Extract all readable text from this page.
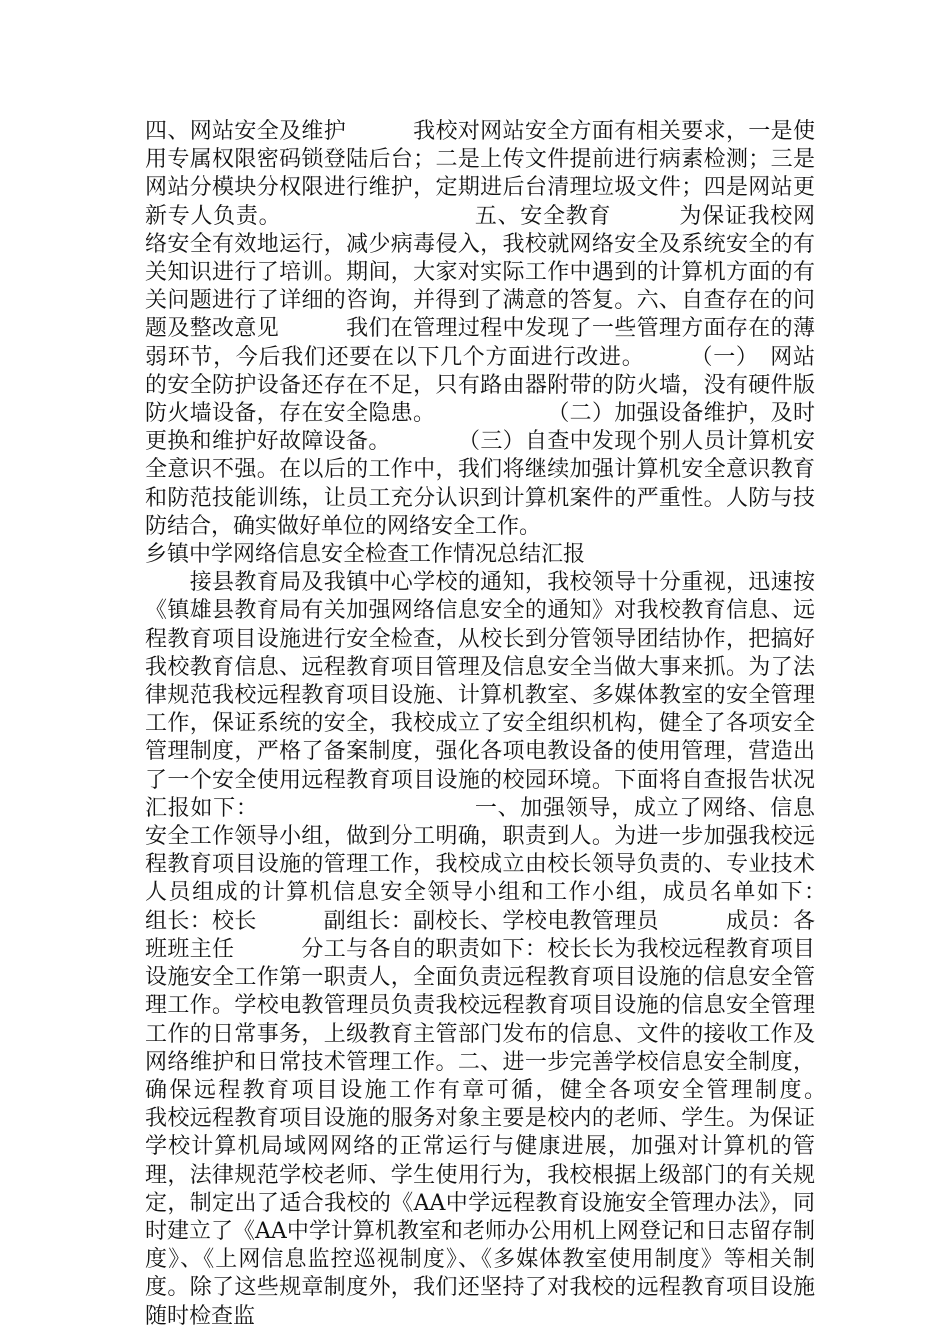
四、网站安全及维护　　　我校对网站安全方面有相关要求，一是使用专属权限密码锁登陆后台；二是上传文件提前进行病素检测；三是网站分模块分权限进行维护，定期进后台清理垃圾文件；四是网站更新专人负责。　　　　　　　　　五、安全教育　　　为保证我校网络安全有效地运行，减少病毒侵入，我校就网络安全及系统安全的有关知识进行了培训。期间，大家对实际工作中遇到的计算机方面的有关问题进行了详细的咨询，并得到了满意的答复。六、自查存在的问题及整改意见　　　我们在管理过程中发现了一些管理方面存在的薄弱环节，今后我们还要在以下几个方面进行改进。　　　（一）　网站的安全防护设备还存在不足，只有路由器附带的防火墙，没有硬件版防火墙设备，存在安全隐患。　　　　　　（二）加强设备维护，及时更换和维护好故障设备。　　　　（三）自查中发现个别人员计算机安全意识不强。在以后的工作中，我们将继续加强计算机安全意识教育和防范技能训练，让员工充分认识到计算机案件的严重性。人防与技防结合，确实做好单位的网络安全工作。

乡镇中学网络信息安全检查工作情况总结汇报

　　接县教育局及我镇中心学校的通知，我校领导十分重视，迅速按《镇雄县教育局有关加强网络信息安全的通知》对我校教育信息、远程教育项目设施进行安全检查，从校长到分管领导团结协作，把搞好我校教育信息、远程教育项目管理及信息安全当做大事来抓。为了法律规范我校远程教育项目设施、计算机教室、多媒体教室的安全管理工作，保证系统的安全，我校成立了安全组织机构，健全了各项安全管理制度，严格了备案制度，强化各项电教设备的使用管理，营造出了一个安全使用远程教育项目设施的校园环境。下面将自查报告状况汇报如下：　　　　　　　　　　一、加强领导，成立了网络、信息安全工作领导小组，做到分工明确，职责到人。为进一步加强我校远程教育项目设施的管理工作，我校成立由校长领导负责的、专业技术人员组成的计算机信息安全领导小组和工作小组，成员名单如下：　　　　组长：校长　　　副组长：副校长、学校电教管理员　　　成员：各班班主任　　　分工与各自的职责如下：校长长为我校远程教育项目设施安全工作第一职责人，全面负责远程教育项目设施的信息安全管理工作。学校电教管理员负责我校远程教育项目设施的信息安全管理工作的日常事务，上级教育主管部门发布的信息、文件的接收工作及网络维护和日常技术管理工作。二、进一步完善学校信息安全制度，确保远程教育项目设施工作有章可循，健全各项安全管理制度。　　　我校远程教育项目设施的服务对象主要是校内的老师、学生。为保证学校计算机局域网网络的正常运行与健康进展，加强对计算机的管理，法律规范学校老师、学生使用行为，我校根据上级部门的有关规定，制定出了适合我校的《AA中学远程教育设施安全管理办法》，同时建立了《AA中学计算机教室和老师办公用机上网登记和日志留存制度》、《上网信息监控巡视制度》、《多媒体教室使用制度》等相关制度。除了这些规章制度外，我们还坚持了对我校的远程教育项目设施随时检查监
